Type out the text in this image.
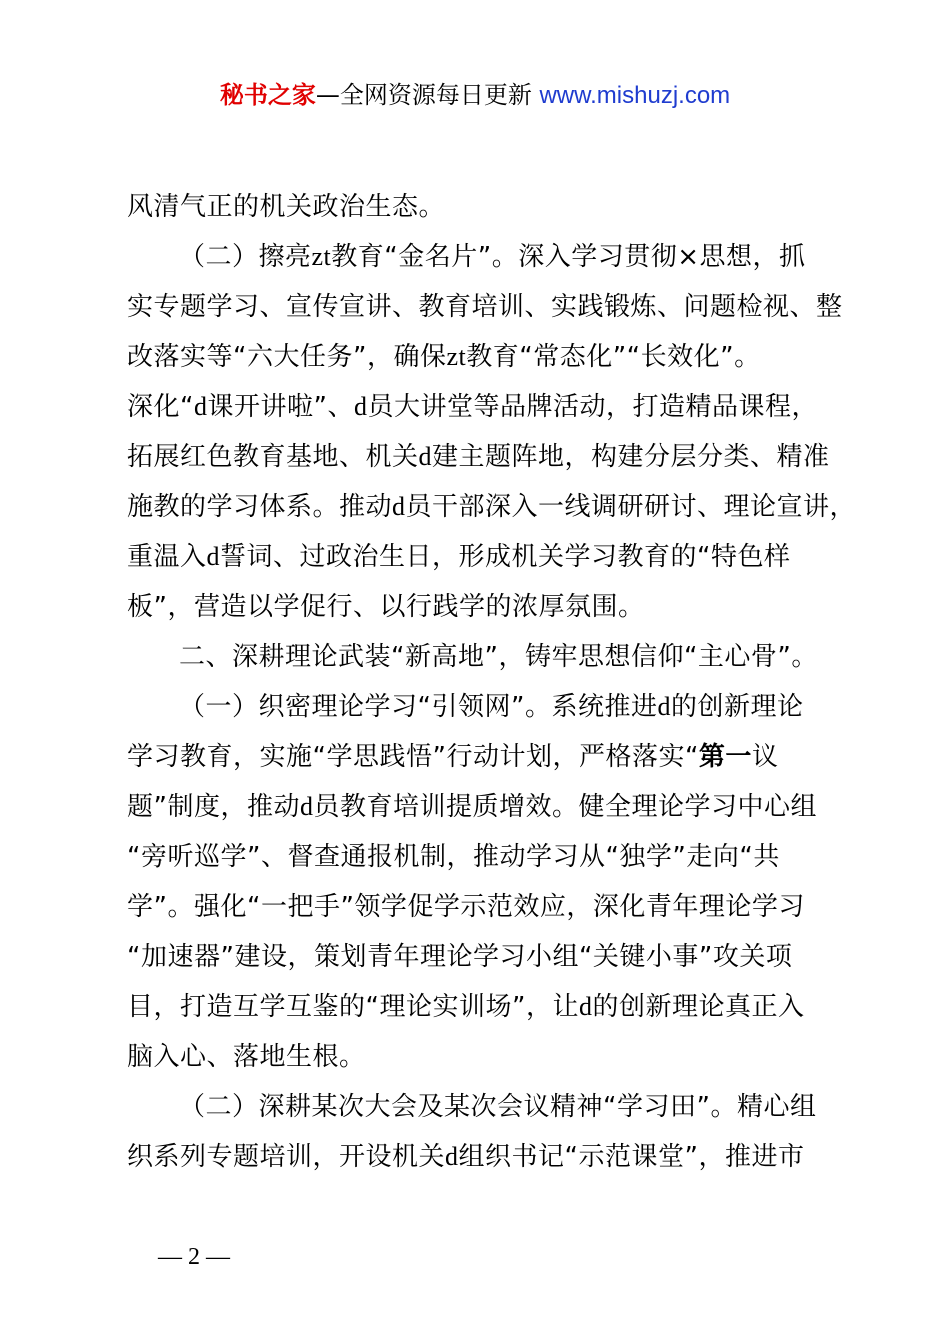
秘书之家—全网资源每日更新 www.mishuzj.com
风清气正的机关政治生态。
（二）擦亮zt教育“金名片”。深入学习贯彻×思想，抓
实专题学习、宣传宣讲、教育培训、实践锻炼、问题检视、整
改落实等“六大任务”，确保zt教育“常态化”“长效化”。
深化“d课开讲啦”、d员大讲堂等品牌活动，打造精品课程，
拓展红色教育基地、机关d建主题阵地，构建分层分类、精准
施教的学习体系。推动d员干部深入一线调研研讨、理论宣讲，
重温入d誓词、过政治生日，形成机关学习教育的“特色样
板”，营造以学促行、以行践学的浓厚氛围。
二、深耕理论武装“新高地”，铸牢思想信仰“主心骨”。
（一）织密理论学习“引领网”。系统推进d的创新理论
学习教育，实施“学思践悟”行动计划，严格落实“第一议
题”制度，推动d员教育培训提质增效。健全理论学习中心组
“旁听巡学”、督查通报机制，推动学习从“独学”走向“共
学”。强化“一把手”领学促学示范效应，深化青年理论学习
“加速器”建设，策划青年理论学习小组“关键小事”攻关项
目，打造互学互鉴的“理论实训场”，让d的创新理论真正入
脑入心、落地生根。
（二）深耕某次大会及某次会议精神“学习田”。精心组
织系列专题培训，开设机关d组织书记“示范课堂”，推进市
— 2 —
